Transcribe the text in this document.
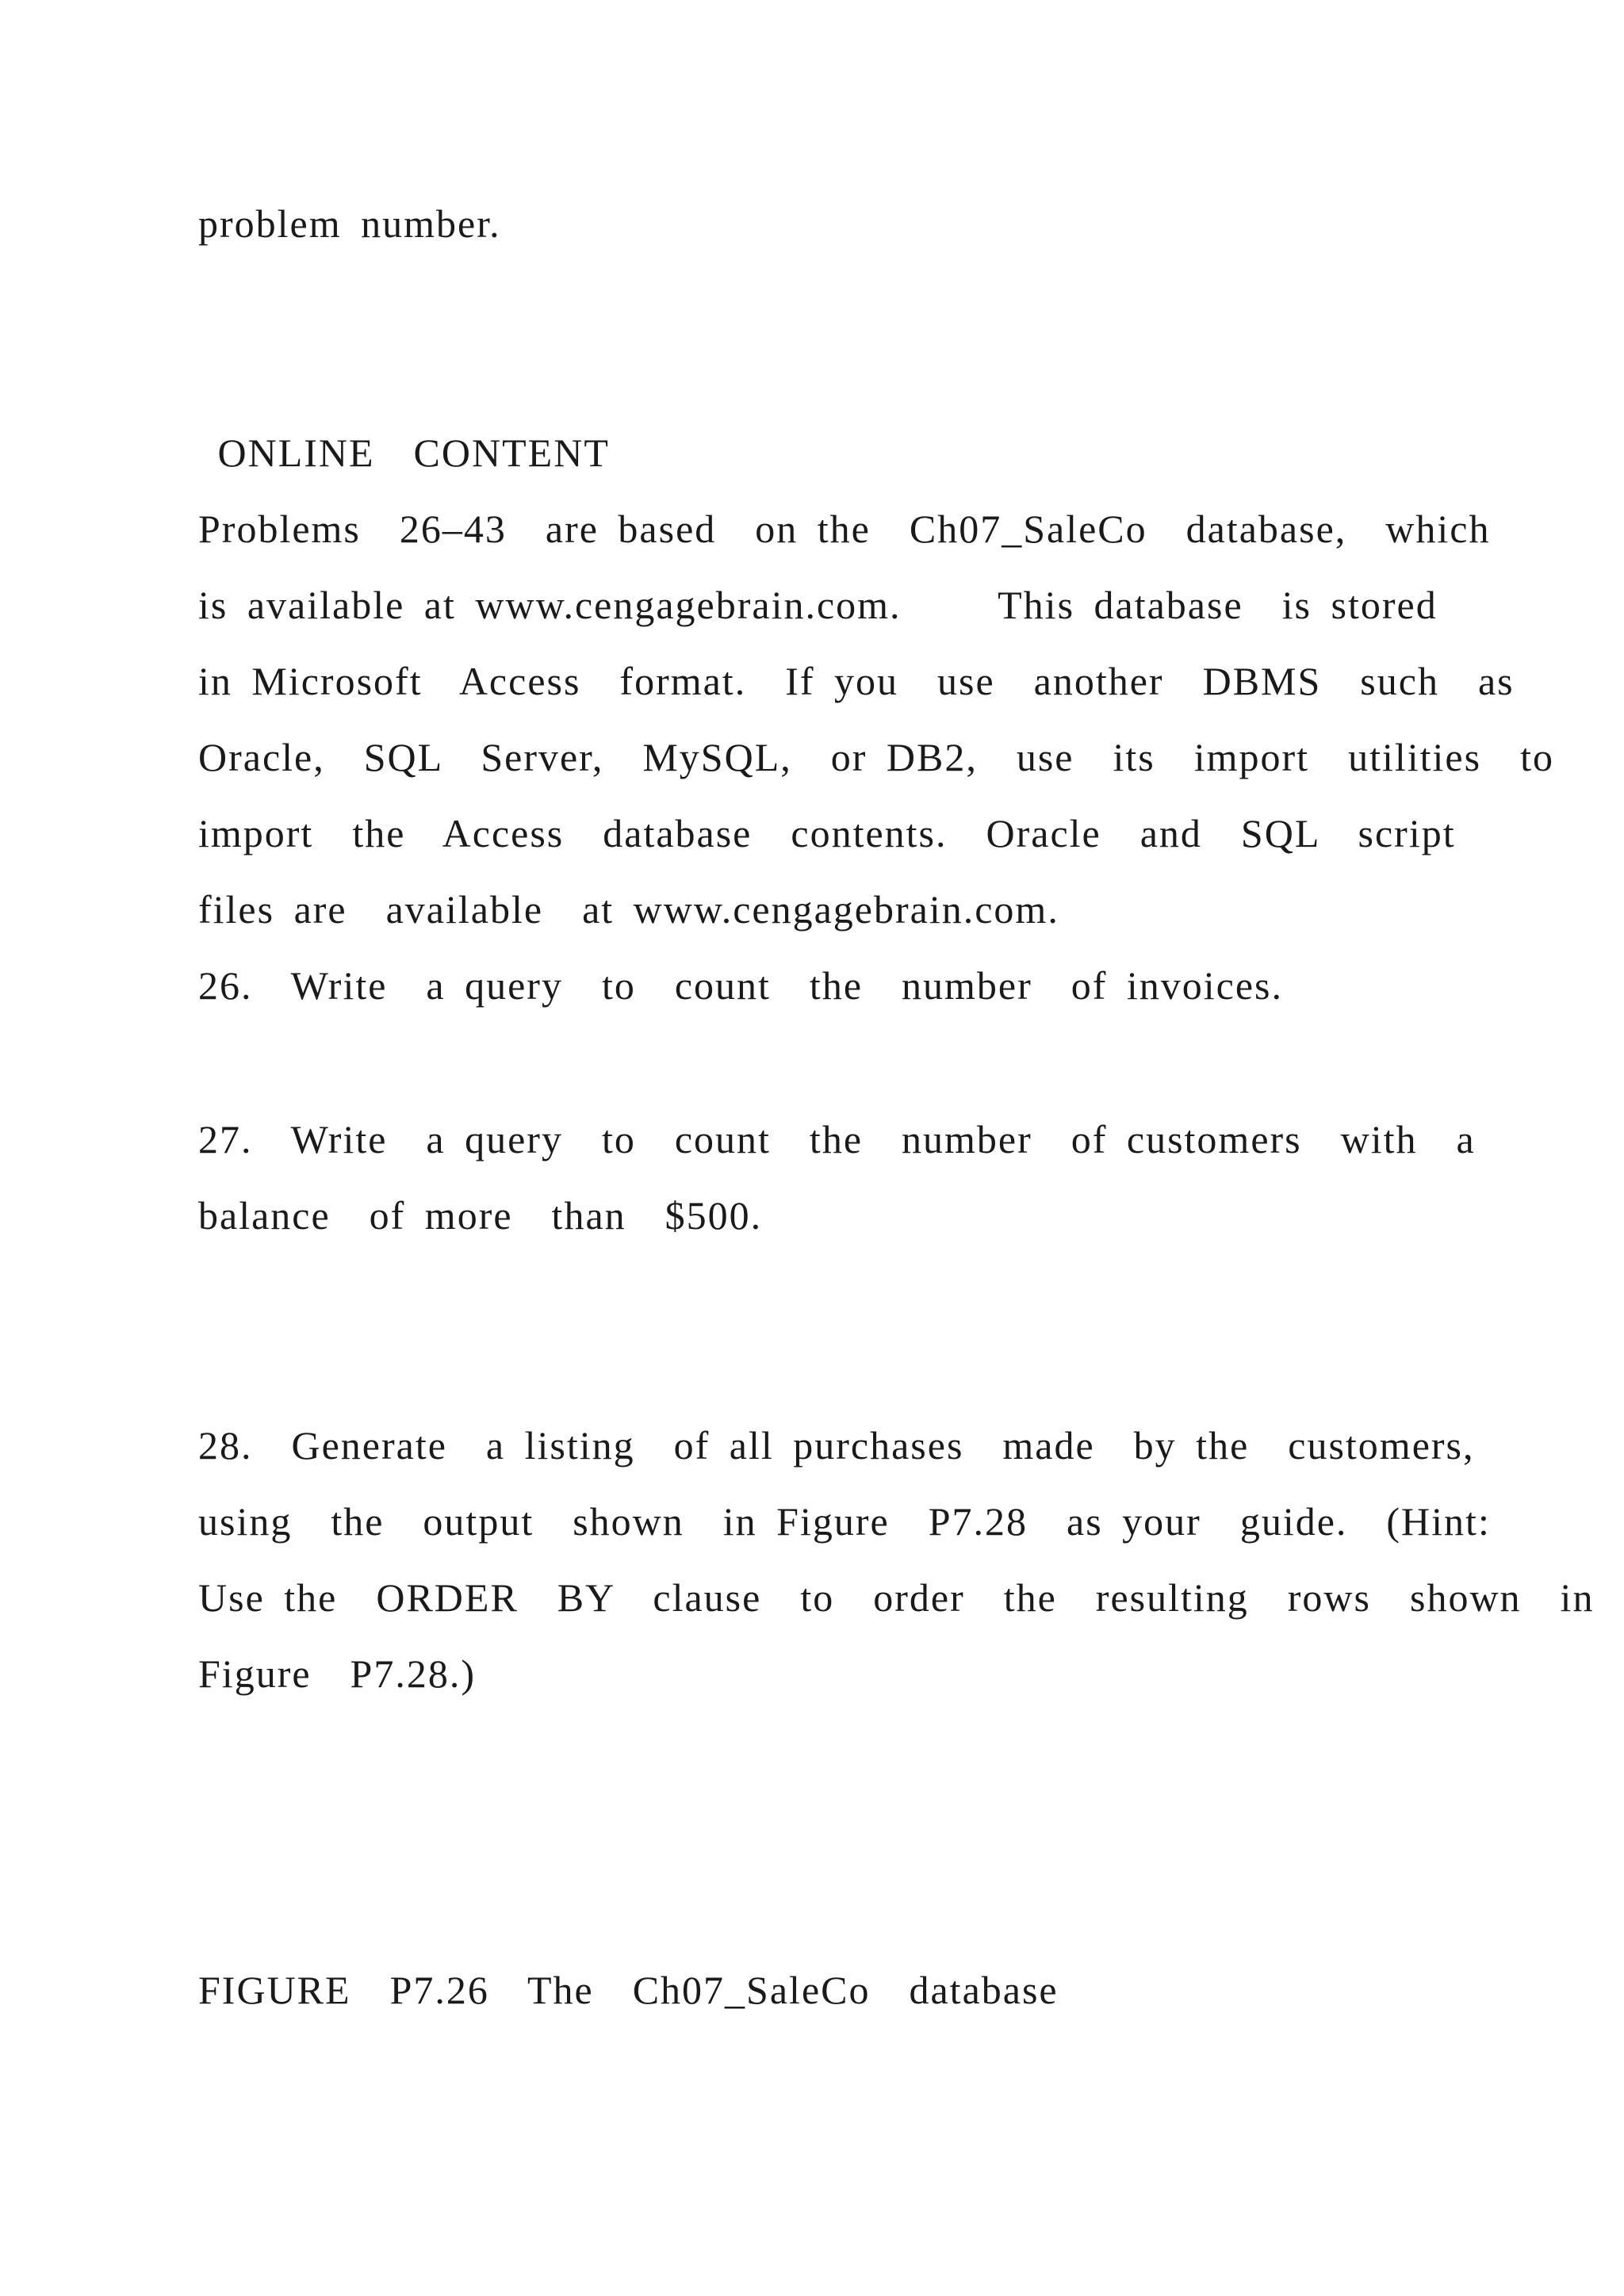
problem number.

ONLINE  CONTENT

Problems  26–43  are based  on the  Ch07_SaleCo  database,  which

is available at www.cengagebrain.com.     This database  is stored

in Microsoft  Access  format.  If you  use  another  DBMS  such  as

Oracle,  SQL  Server,  MySQL,  or DB2,  use  its  import  utilities  to

import  the  Access  database  contents.  Oracle  and  SQL  script

files are  available  at www.cengagebrain.com.

26.  Write  a query  to  count  the  number  of invoices.

27.  Write  a query  to  count  the  number  of customers  with  a

balance  of more  than  $500.

28.  Generate  a listing  of all purchases  made  by the  customers,

using  the  output  shown  in Figure  P7.28  as your  guide.  (Hint:

Use the  ORDER  BY  clause  to  order  the  resulting  rows  shown  in

Figure  P7.28.)

FIGURE  P7.26  The  Ch07_SaleCo  database
